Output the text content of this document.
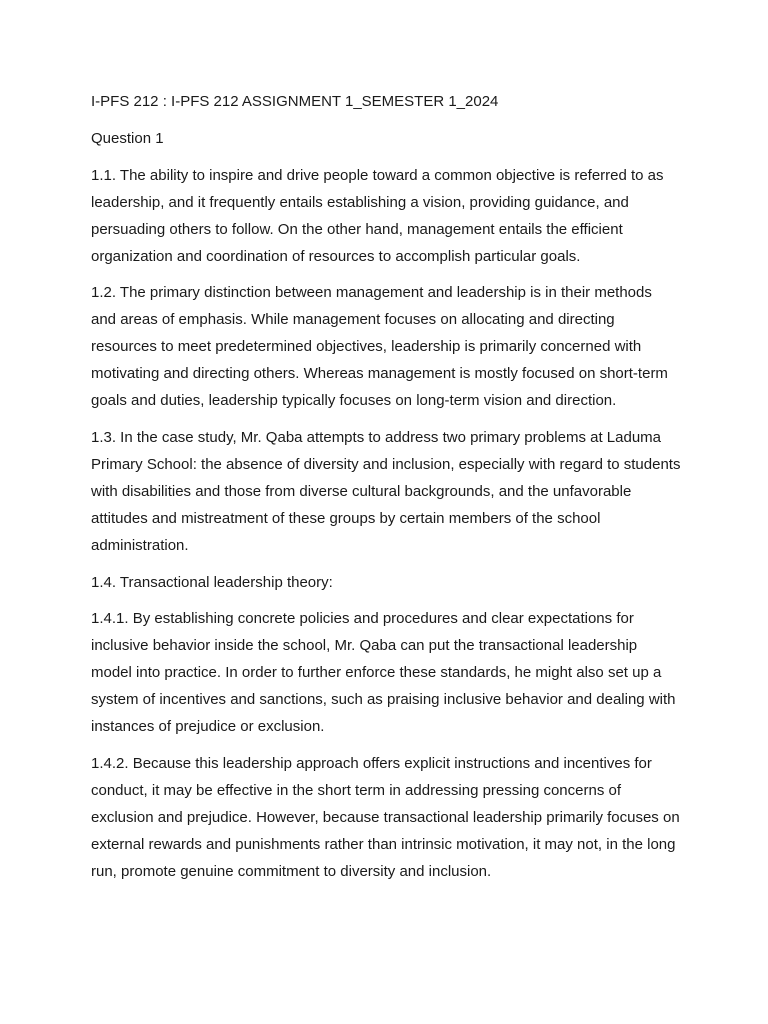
I-PFS 212 : I-PFS 212 ASSIGNMENT 1_SEMESTER 1_2024

Question 1

1.1. The ability to inspire and drive people toward a common objective is referred to as leadership, and it frequently entails establishing a vision, providing guidance, and persuading others to follow. On the other hand, management entails the efficient organization and coordination of resources to accomplish particular goals.

1.2. The primary distinction between management and leadership is in their methods and areas of emphasis. While management focuses on allocating and directing resources to meet predetermined objectives, leadership is primarily concerned with motivating and directing others. Whereas management is mostly focused on short-term goals and duties, leadership typically focuses on long-term vision and direction.

1.3. In the case study, Mr. Qaba attempts to address two primary problems at Laduma Primary School: the absence of diversity and inclusion, especially with regard to students with disabilities and those from diverse cultural backgrounds, and the unfavorable attitudes and mistreatment of these groups by certain members of the school administration.

1.4. Transactional leadership theory:

1.4.1. By establishing concrete policies and procedures and clear expectations for inclusive behavior inside the school, Mr. Qaba can put the transactional leadership model into practice. In order to further enforce these standards, he might also set up a system of incentives and sanctions, such as praising inclusive behavior and dealing with instances of prejudice or exclusion.

1.4.2. Because this leadership approach offers explicit instructions and incentives for conduct, it may be effective in the short term in addressing pressing concerns of exclusion and prejudice. However, because transactional leadership primarily focuses on external rewards and punishments rather than intrinsic motivation, it may not, in the long run, promote genuine commitment to diversity and inclusion.
